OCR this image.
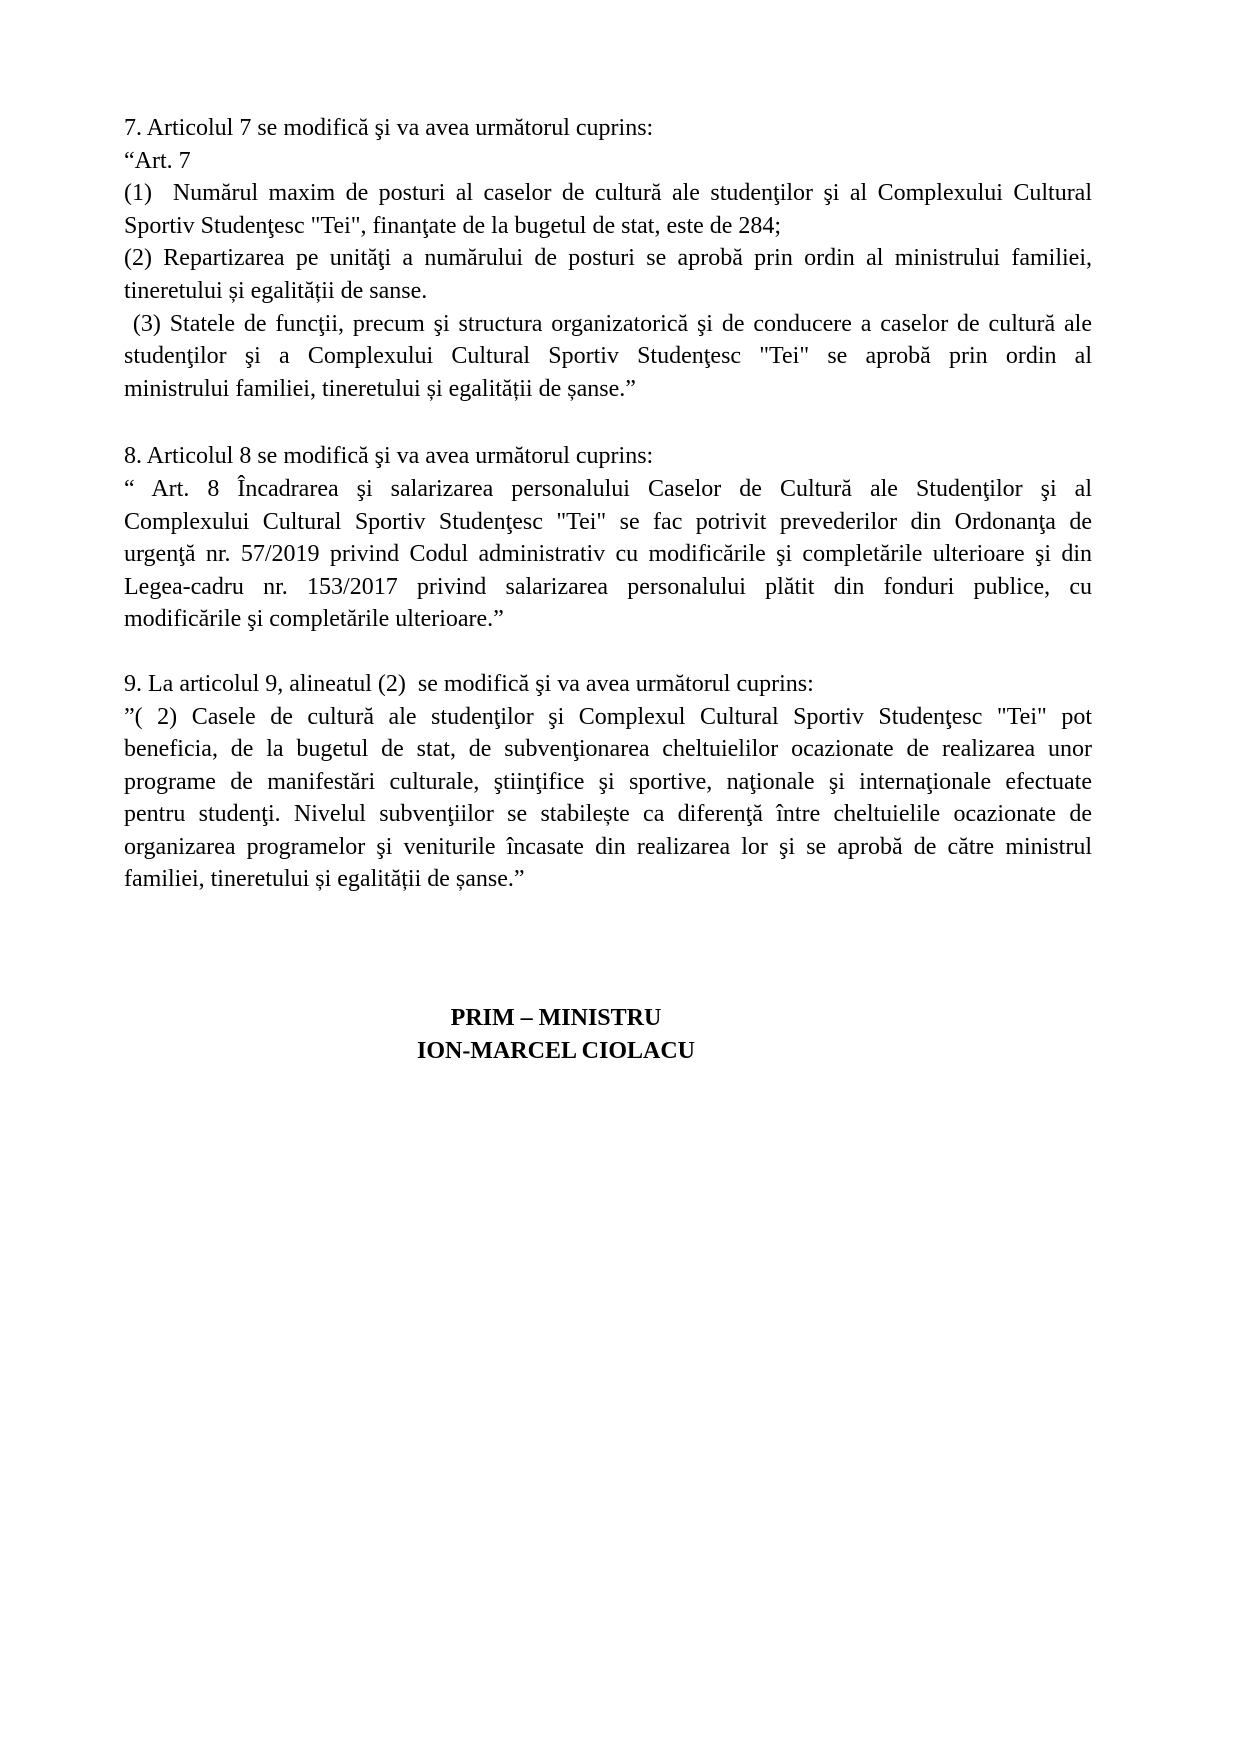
7. Articolul 7 se modifică şi va avea următorul cuprins:
“Art. 7
(1)  Numărul maxim de posturi al caselor de cultură ale studenţilor şi al Complexului Cultural
Sportiv Studenţesc "Tei", finanţate de la bugetul de stat, este de 284;
(2) Repartizarea pe unităţi a numărului de posturi se aprobă prin ordin al ministrului familiei,
tineretului și egalității de sanse.
(3) Statele de funcţii, precum şi structura organizatorică şi de conducere a caselor de cultură ale
studenţilor şi a Complexului Cultural Sportiv Studenţesc "Tei" se aprobă prin ordin al
ministrului familiei, tineretului și egalității de șanse.”
8. Articolul 8 se modifică şi va avea următorul cuprins:
“ Art. 8 Încadrarea şi salarizarea personalului Caselor de Cultură ale Studenţilor şi al
Complexului Cultural Sportiv Studenţesc "Tei" se fac potrivit prevederilor din Ordonanţa de
urgenţă nr. 57/2019 privind Codul administrativ cu modificările şi completările ulterioare şi din
Legea-cadru nr. 153/2017 privind salarizarea personalului plătit din fonduri publice, cu
modificările şi completările ulterioare.”
9. La articolul 9, alineatul (2)  se modifică şi va avea următorul cuprins:
”( 2) Casele de cultură ale studenţilor şi Complexul Cultural Sportiv Studenţesc "Tei" pot
beneficia, de la bugetul de stat, de subvenţionarea cheltuielilor ocazionate de realizarea unor
programe de manifestări culturale, ştiinţifice şi sportive, naţionale şi internaţionale efectuate
pentru studenţi. Nivelul subvenţiilor se stabilește ca diferenţă între cheltuielile ocazionate de
organizarea programelor şi veniturile încasate din realizarea lor şi se aprobă de către ministrul
familiei, tineretului și egalității de șanse.”
PRIM – MINISTRU
ION-MARCEL CIOLACU
